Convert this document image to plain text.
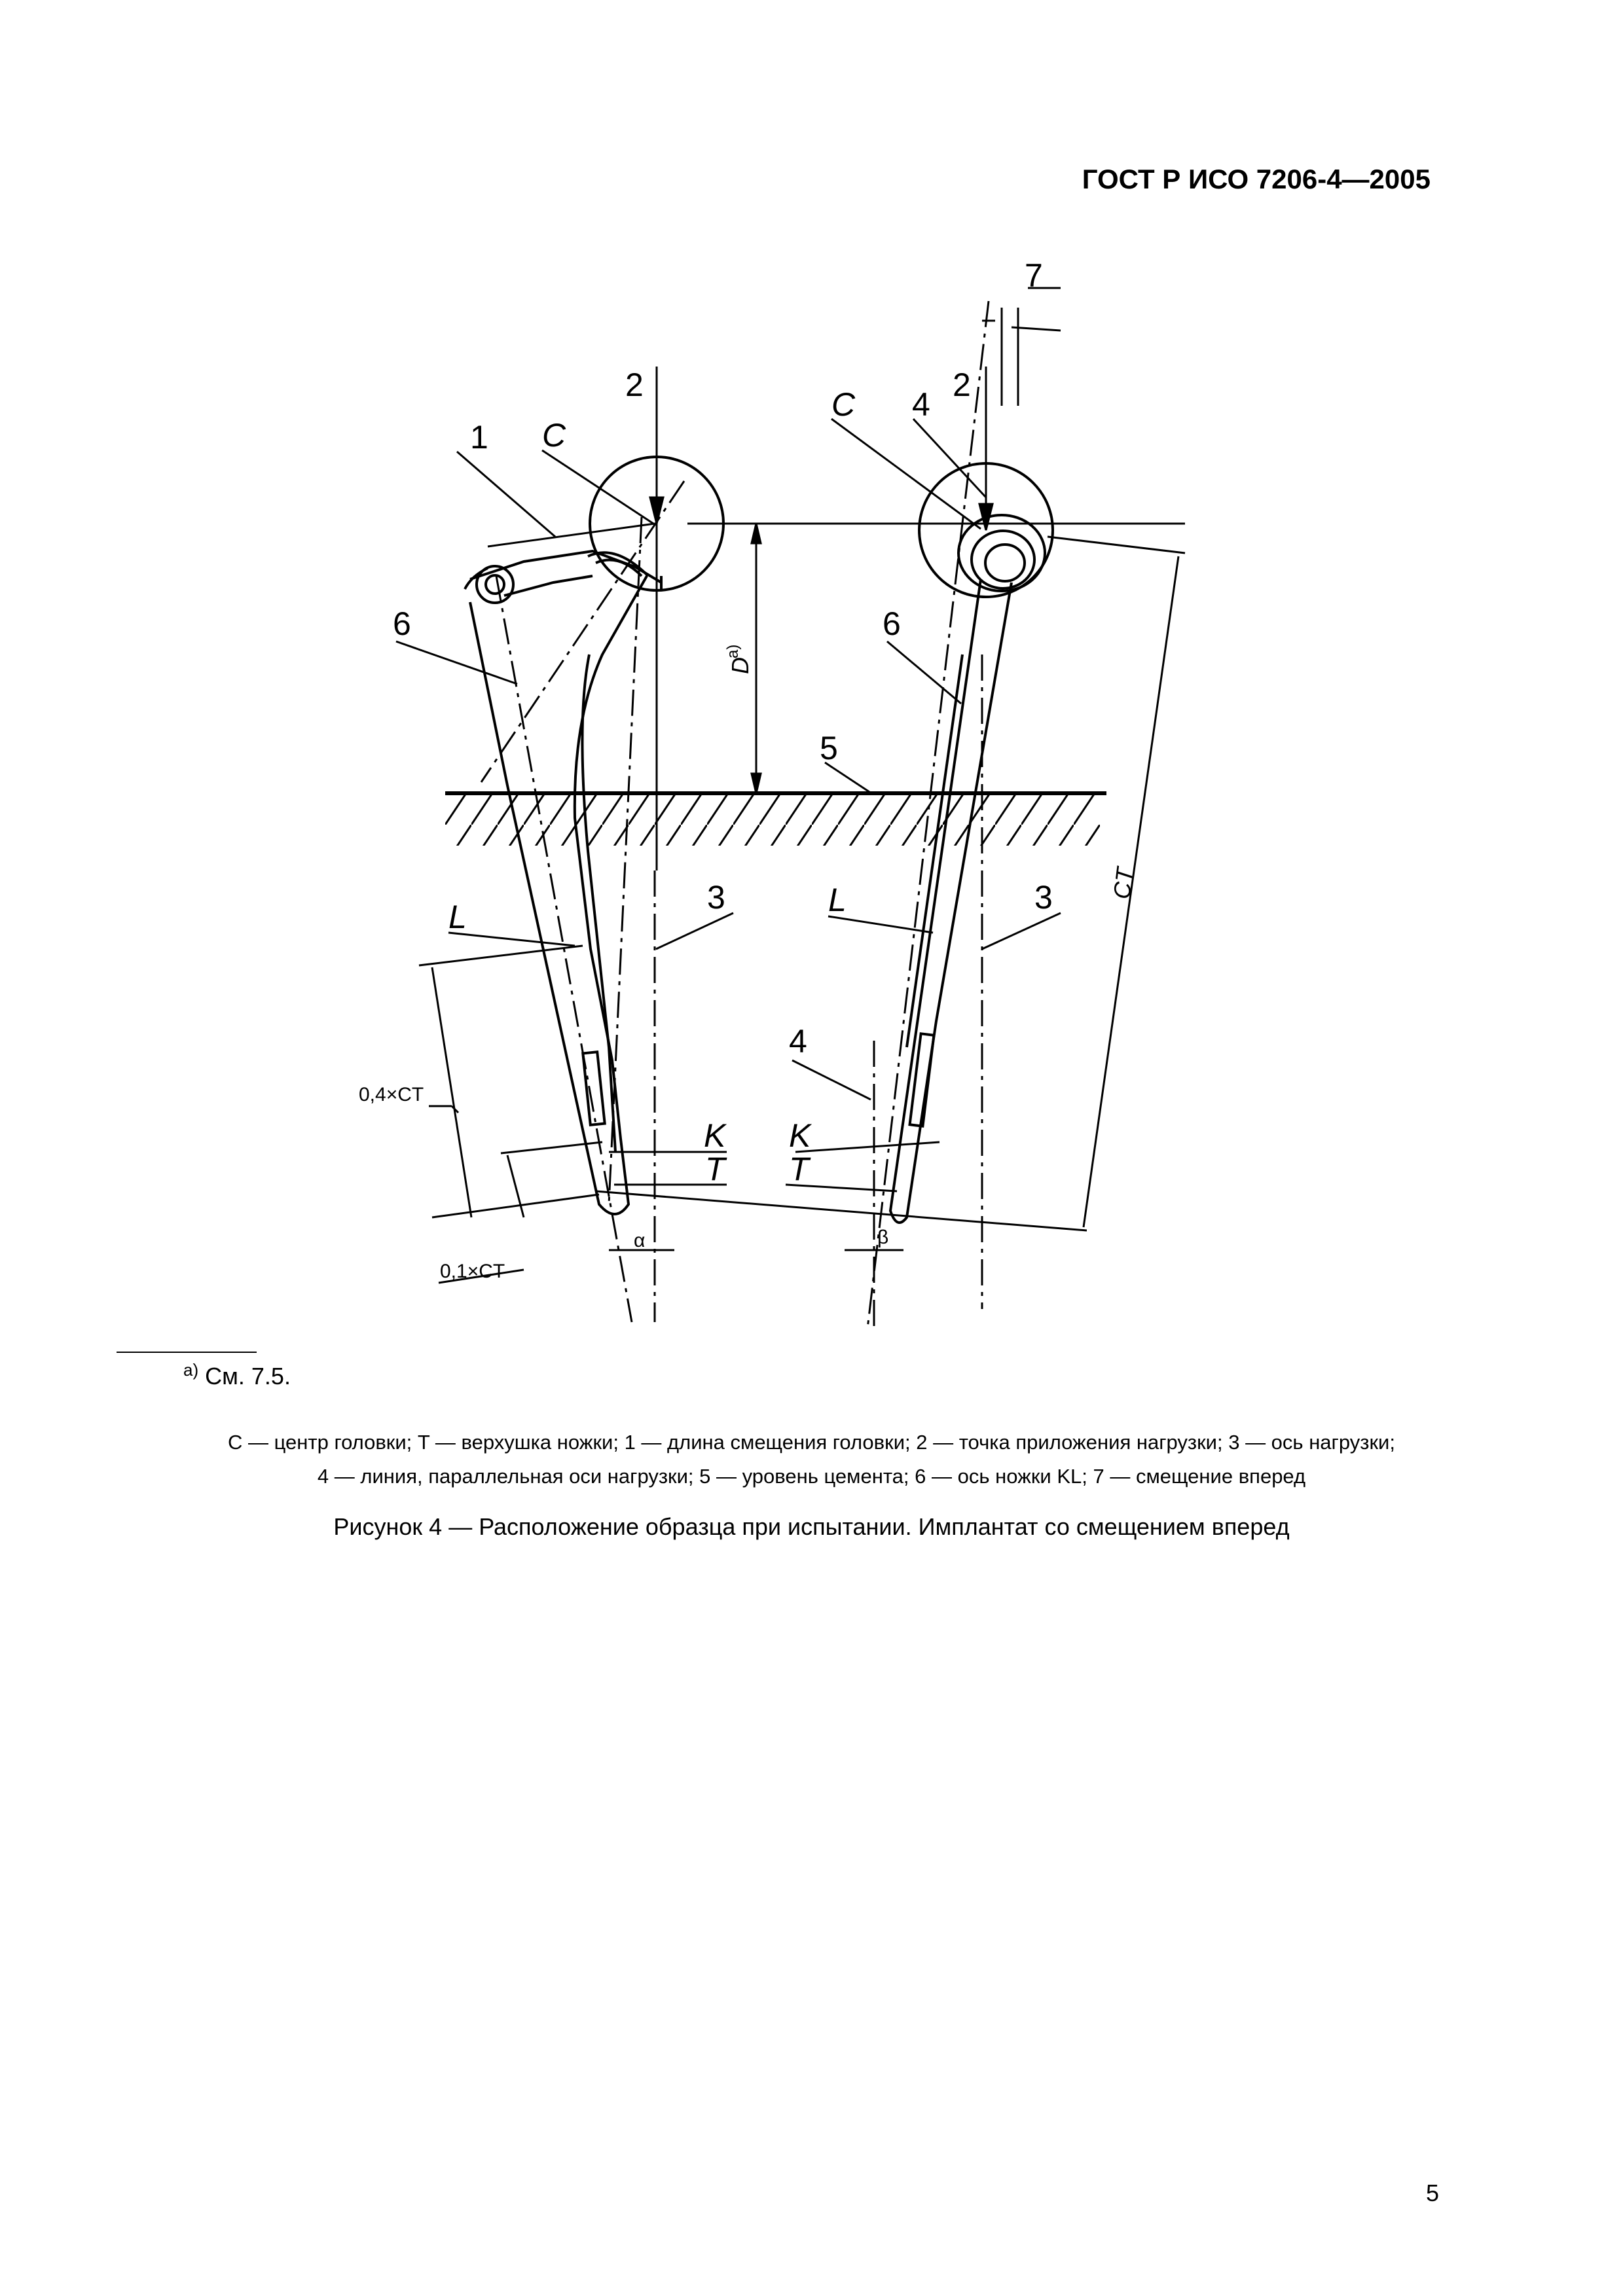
ГОСТ Р ИСО 7206-4—2005
1
2	2
3	3
4
4
5
6	6
7
C
C
L	L
K K
T T
D
a)
CT
0,4×CT
0,1×CT
α	β
$^{a)}$ См. 7.5.
C — центр головки; T — верхушка ножки; 1 — длина смещения головки; 2 — точка приложения нагрузки; 3 — ось нагрузки;
4 — линия, параллельная оси нагрузки; 5 — уровень цемента; 6 — ось ножки KL; 7 — смещение вперед
Рисунок 4 — Расположение образца при испытании. Имплантат со смещением вперед
5
